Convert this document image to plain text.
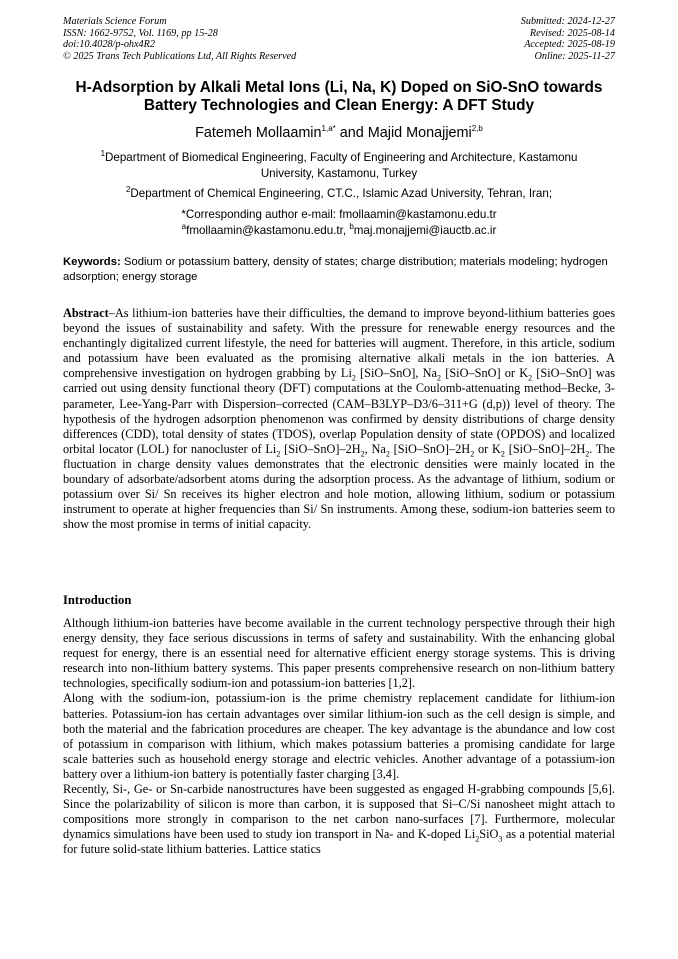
Materials Science Forum
ISSN: 1662-9752, Vol. 1169, pp 15-28
doi:10.4028/p-ohx4R2
© 2025 Trans Tech Publications Ltd, All Rights Reserved
Submitted: 2024-12-27
Revised: 2025-08-14
Accepted: 2025-08-19
Online: 2025-11-27
H-Adsorption by Alkali Metal Ions (Li, Na, K) Doped on SiO-SnO towards
Battery Technologies and Clean Energy: A DFT Study
Fatemeh Mollaamin$^{1,a*}$ and Majid Monajjemi$^{2,b}$
$^1$Department of Biomedical Engineering, Faculty of Engineering and Architecture, Kastamonu
University, Kastamonu, Turkey
$^2$Department of Chemical Engineering, CT.C., Islamic Azad University, Tehran, Iran;
*Corresponding author e-mail: fmollaamin@kastamonu.edu.tr
$^a$fmollaamin@kastamonu.edu.tr, $^b$maj.monajjemi@iauctb.ac.ir
Keywords: Sodium or potassium battery, density of states; charge distribution; materials modeling; hydrogen adsorption; energy storage
Abstract–As lithium-ion batteries have their difficulties, the demand to improve beyond-lithium batteries goes beyond the issues of sustainability and safety. With the pressure for renewable energy resources and the enchantingly digitalized current lifestyle, the need for batteries will augment. Therefore, in this article, sodium and potassium have been evaluated as the promising alternative alkali metals in the ion batteries. A comprehensive investigation on hydrogen grabbing by $Li_2$ [SiO–SnO], $Na_2$ [SiO–SnO] or $K_2$ [SiO–SnO] was carried out using density functional theory (DFT) computations at the Coulomb-attenuating method–Becke, 3-parameter, Lee-Yang-Parr with Dispersion–corrected (CAM–B3LYP–D3/6–311+G (d,p)) level of theory. The hypothesis of the hydrogen adsorption phenomenon was confirmed by density distributions of charge density differences (CDD), total density of states (TDOS), overlap Population density of state (OPDOS) and localized orbital locator (LOL) for nanocluster of $Li_2$ $[SiO-SnO]-2H_2$, $Na_2$ $[SiO-SnO]-2H_2$ or $K_2$ $[SiO-SnO]-2H_2$. The fluctuation in charge density values demonstrates that the electronic densities were mainly located in the boundary of adsorbate/adsorbent atoms during the adsorption process. As the advantage of lithium, sodium or potassium over Si/ Sn receives its higher electron and hole motion, allowing lithium, sodium or potassium instrument to operate at higher frequencies than Si/ Sn instruments. Among these, sodium-ion batteries seem to show the most promise in terms of initial capacity.
Introduction

Although lithium-ion batteries have become available in the current technology perspective through their high energy density, they face serious discussions in terms of safety and sustainability. With the enhancing global request for energy, there is an essential need for alternative efficient energy storage systems. This is driving research into non-lithium battery systems. This paper presents comprehensive research on non-lithium battery technologies, specifically sodium-ion and potassium-ion batteries [1,2].

Along with the sodium-ion, potassium-ion is the prime chemistry replacement candidate for lithium-ion batteries. Potassium-ion has certain advantages over similar lithium-ion such as the cell design is simple, and both the material and the fabrication procedures are cheaper. The key advantage is the abundance and low cost of potassium in comparison with lithium, which makes potassium batteries a promising candidate for large scale batteries such as household energy storage and electric vehicles. Another advantage of a potassium-ion battery over a lithium-ion battery is potentially faster charging [3,4].

Recently, Si-, Ge- or Sn-carbide nanostructures have been suggested as engaged H-grabbing compounds [5,6]. Since the polarizability of silicon is more than carbon, it is supposed that Si–C/Si nanosheet might attach to compositions more strongly in comparison to the net carbon nano-surfaces [7]. Furthermore, molecular dynamics simulations have been used to study ion transport in Na- and K-doped $Li_2SiO_3$ as a potential material for future solid-state lithium batteries. Lattice statics
